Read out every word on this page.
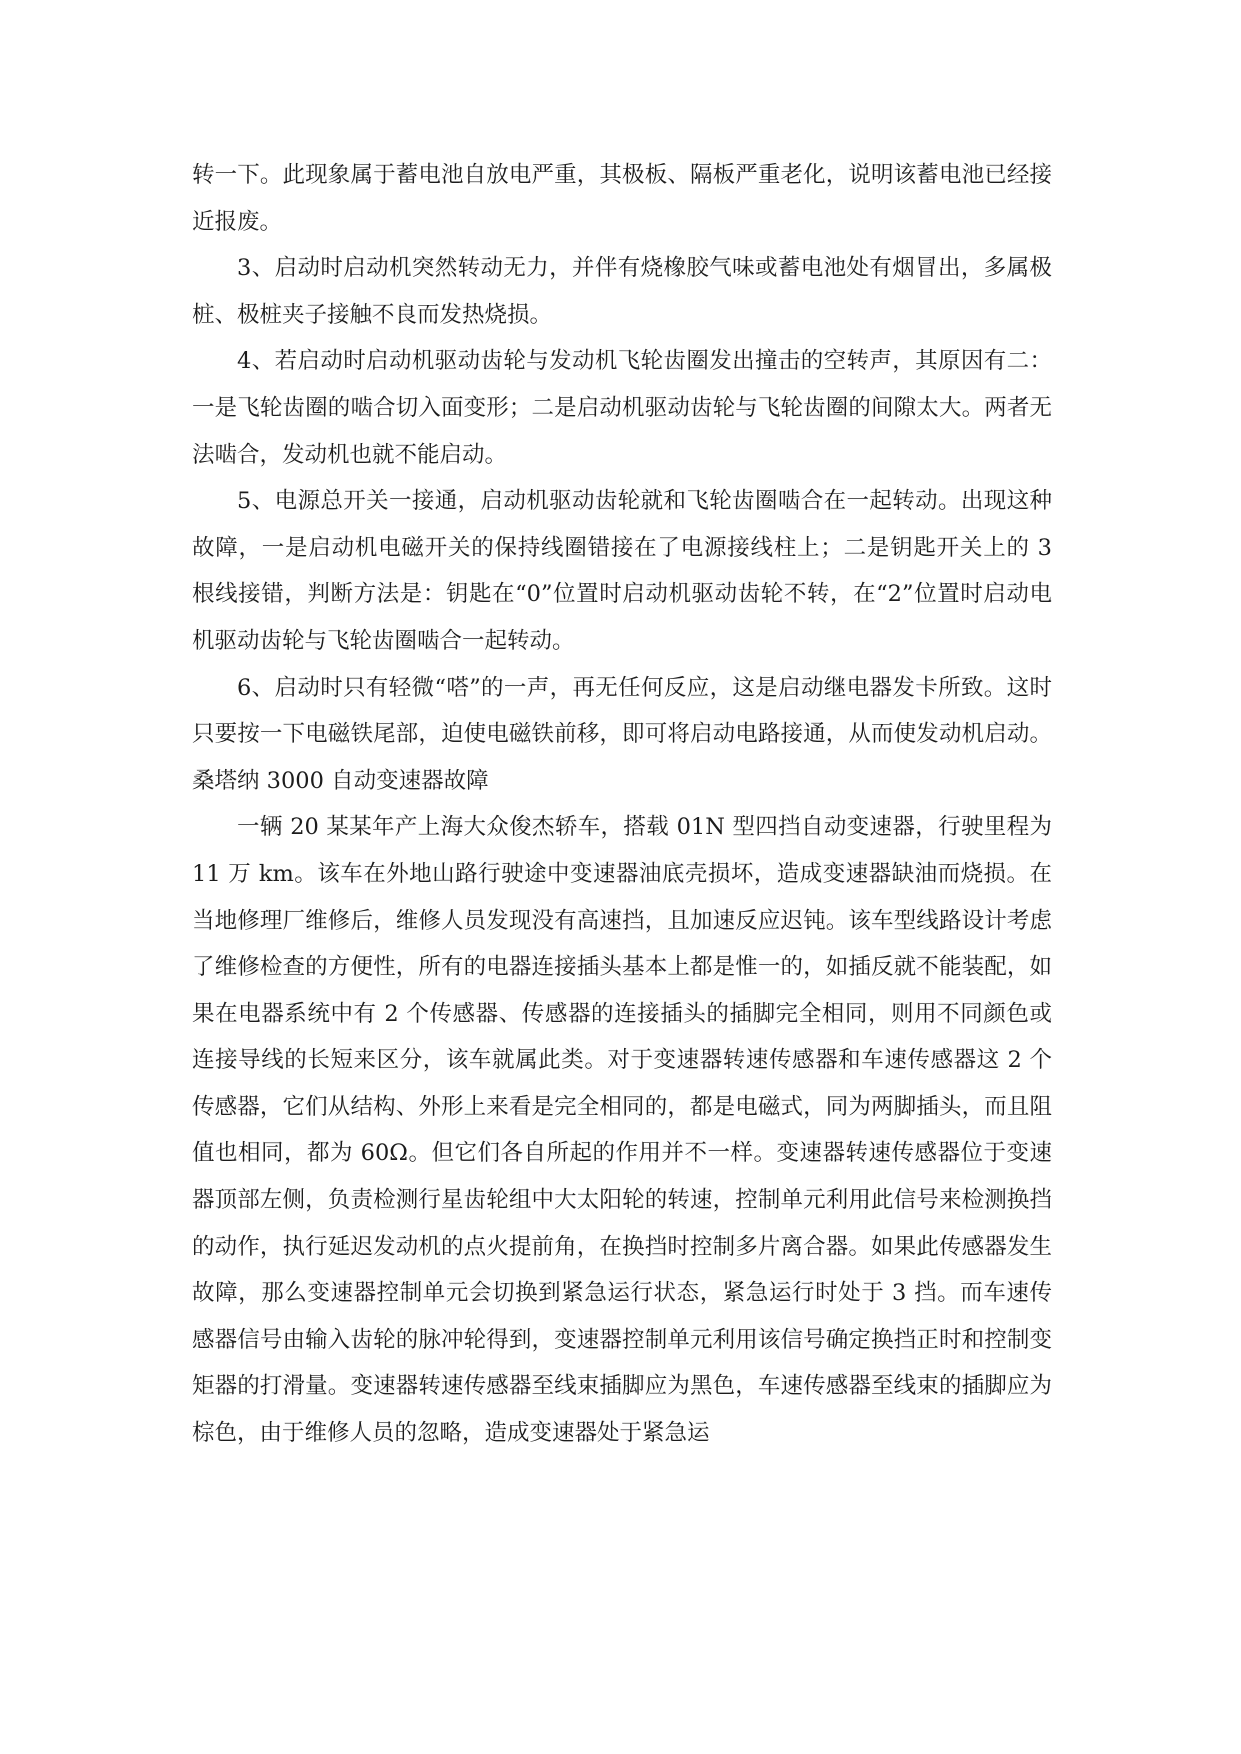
转一下。此现象属于蓄电池自放电严重，其极板、隔板严重老化，说明该蓄电池已经接近报废。

3、启动时启动机突然转动无力，并伴有烧橡胶气味或蓄电池处有烟冒出，多属极桩、极桩夹子接触不良而发热烧损。

4、若启动时启动机驱动齿轮与发动机飞轮齿圈发出撞击的空转声，其原因有二：一是飞轮齿圈的啮合切入面变形；二是启动机驱动齿轮与飞轮齿圈的间隙太大。两者无法啮合，发动机也就不能启动。

5、电源总开关一接通，启动机驱动齿轮就和飞轮齿圈啮合在一起转动。出现这种故障，一是启动机电磁开关的保持线圈错接在了电源接线柱上；二是钥匙开关上的 3 根线接错，判断方法是：钥匙在“0”位置时启动机驱动齿轮不转，在“2”位置时启动电机驱动齿轮与飞轮齿圈啮合一起转动。

6、启动时只有轻微“嗒”的一声，再无任何反应，这是启动继电器发卡所致。这时只要按一下电磁铁尾部，迫使电磁铁前移，即可将启动电路接通，从而使发动机启动。桑塔纳 3000 自动变速器故障

一辆 20 某某年产上海大众俊杰轿车，搭载 01N 型四挡自动变速器，行驶里程为 11 万 km。该车在外地山路行驶途中变速器油底壳损坏，造成变速器缺油而烧损。在当地修理厂维修后，维修人员发现没有高速挡，且加速反应迟钝。该车型线路设计考虑了维修检查的方便性，所有的电器连接插头基本上都是惟一的，如插反就不能装配，如果在电器系统中有 2 个传感器、传感器的连接插头的插脚完全相同，则用不同颜色或连接导线的长短来区分，该车就属此类。对于变速器转速传感器和车速传感器这 2 个传感器，它们从结构、外形上来看是完全相同的，都是电磁式，同为两脚插头，而且阻值也相同，都为 60Ω。但它们各自所起的作用并不一样。变速器转速传感器位于变速器顶部左侧，负责检测行星齿轮组中大太阳轮的转速，控制单元利用此信号来检测换挡的动作，执行延迟发动机的点火提前角，在换挡时控制多片离合器。如果此传感器发生故障，那么变速器控制单元会切换到紧急运行状态，紧急运行时处于 3 挡。而车速传感器信号由输入齿轮的脉冲轮得到，变速器控制单元利用该信号确定换挡正时和控制变矩器的打滑量。变速器转速传感器至线束插脚应为黑色，车速传感器至线束的插脚应为棕色，由于维修人员的忽略，造成变速器处于紧急运
